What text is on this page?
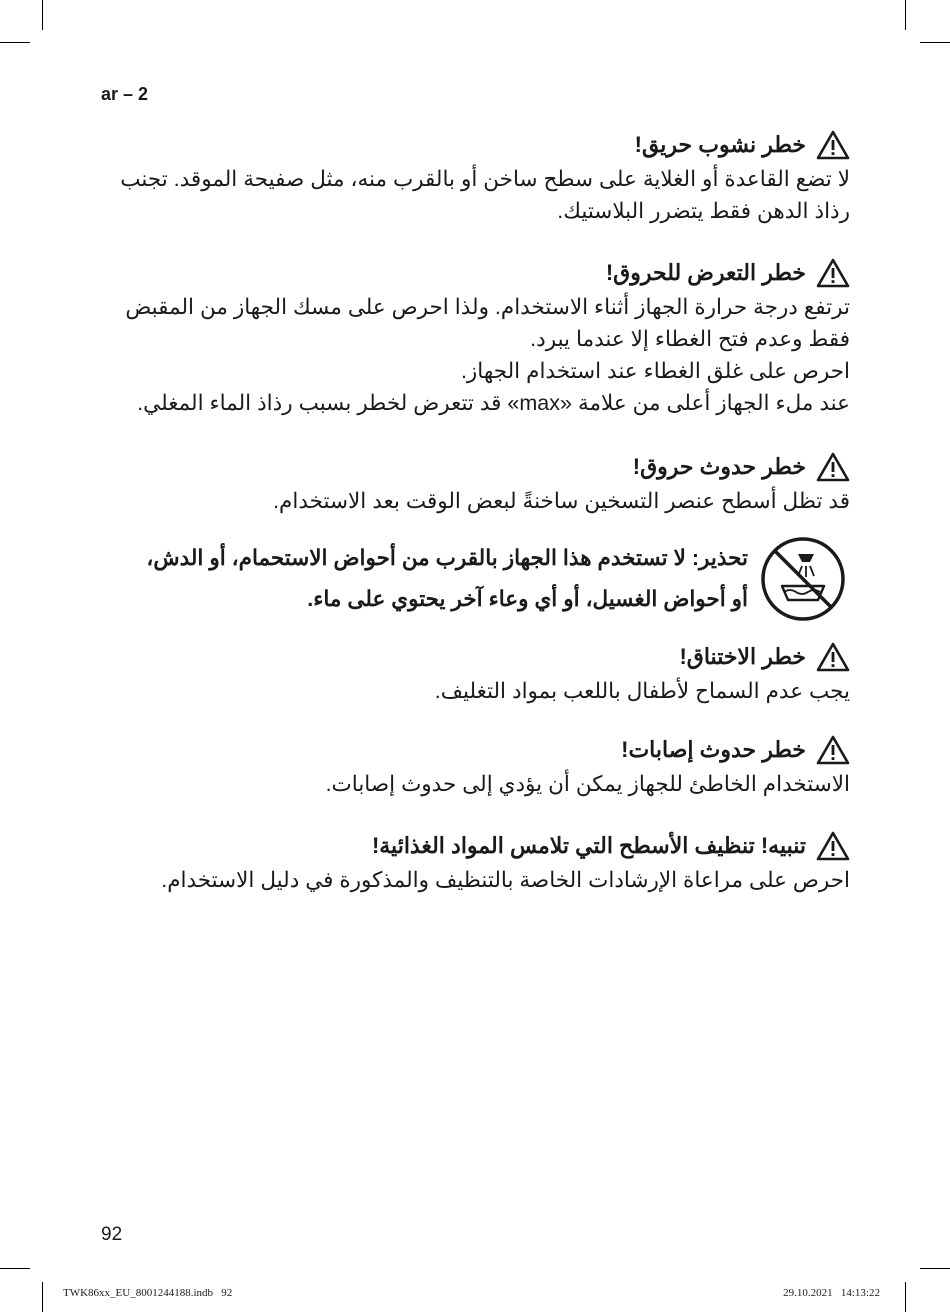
ar – 2
خطر نشوب حريق!

لا تضع القاعدة أو الغلاية على سطح ساخن أو بالقرب منه، مثل صفيحة الموقد. تجنب

رذاذ الدهن فقط يتضرر البلاستيك.

خطر التعرض للحروق!

ترتفع درجة حرارة الجهاز أثناء الاستخدام. ولذا احرص على مسك الجهاز من المقبض

فقط وعدم فتح الغطاء إلا عندما يبرد.

احرص على غلق الغطاء عند استخدام الجهاز.

عند ملء الجهاز أعلى من علامة «max» قد تتعرض لخطر بسبب رذاذ الماء المغلي.

خطر حدوث حروق!

قد تظل أسطح عنصر التسخين ساخنةً لبعض الوقت بعد الاستخدام.

تحذير: لا تستخدم هذا الجهاز بالقرب من أحواض الاستحمام، أو الدش،
أو أحواض الغسيل، أو أي وعاء آخر يحتوي على ماء.
خطر الاختناق!

يجب عدم السماح لأطفال باللعب بمواد التغليف.

خطر حدوث إصابات!

الاستخدام الخاطئ للجهاز يمكن أن يؤدي إلى حدوث إصابات.

تنبيه! تنظيف الأسطح التي تلامس المواد الغذائية!

احرص على مراعاة الإرشادات الخاصة بالتنظيف والمذكورة في دليل الاستخدام.

92
TWK86xx_EU_8001244188.indb   92	29.10.2021   14:13:22
